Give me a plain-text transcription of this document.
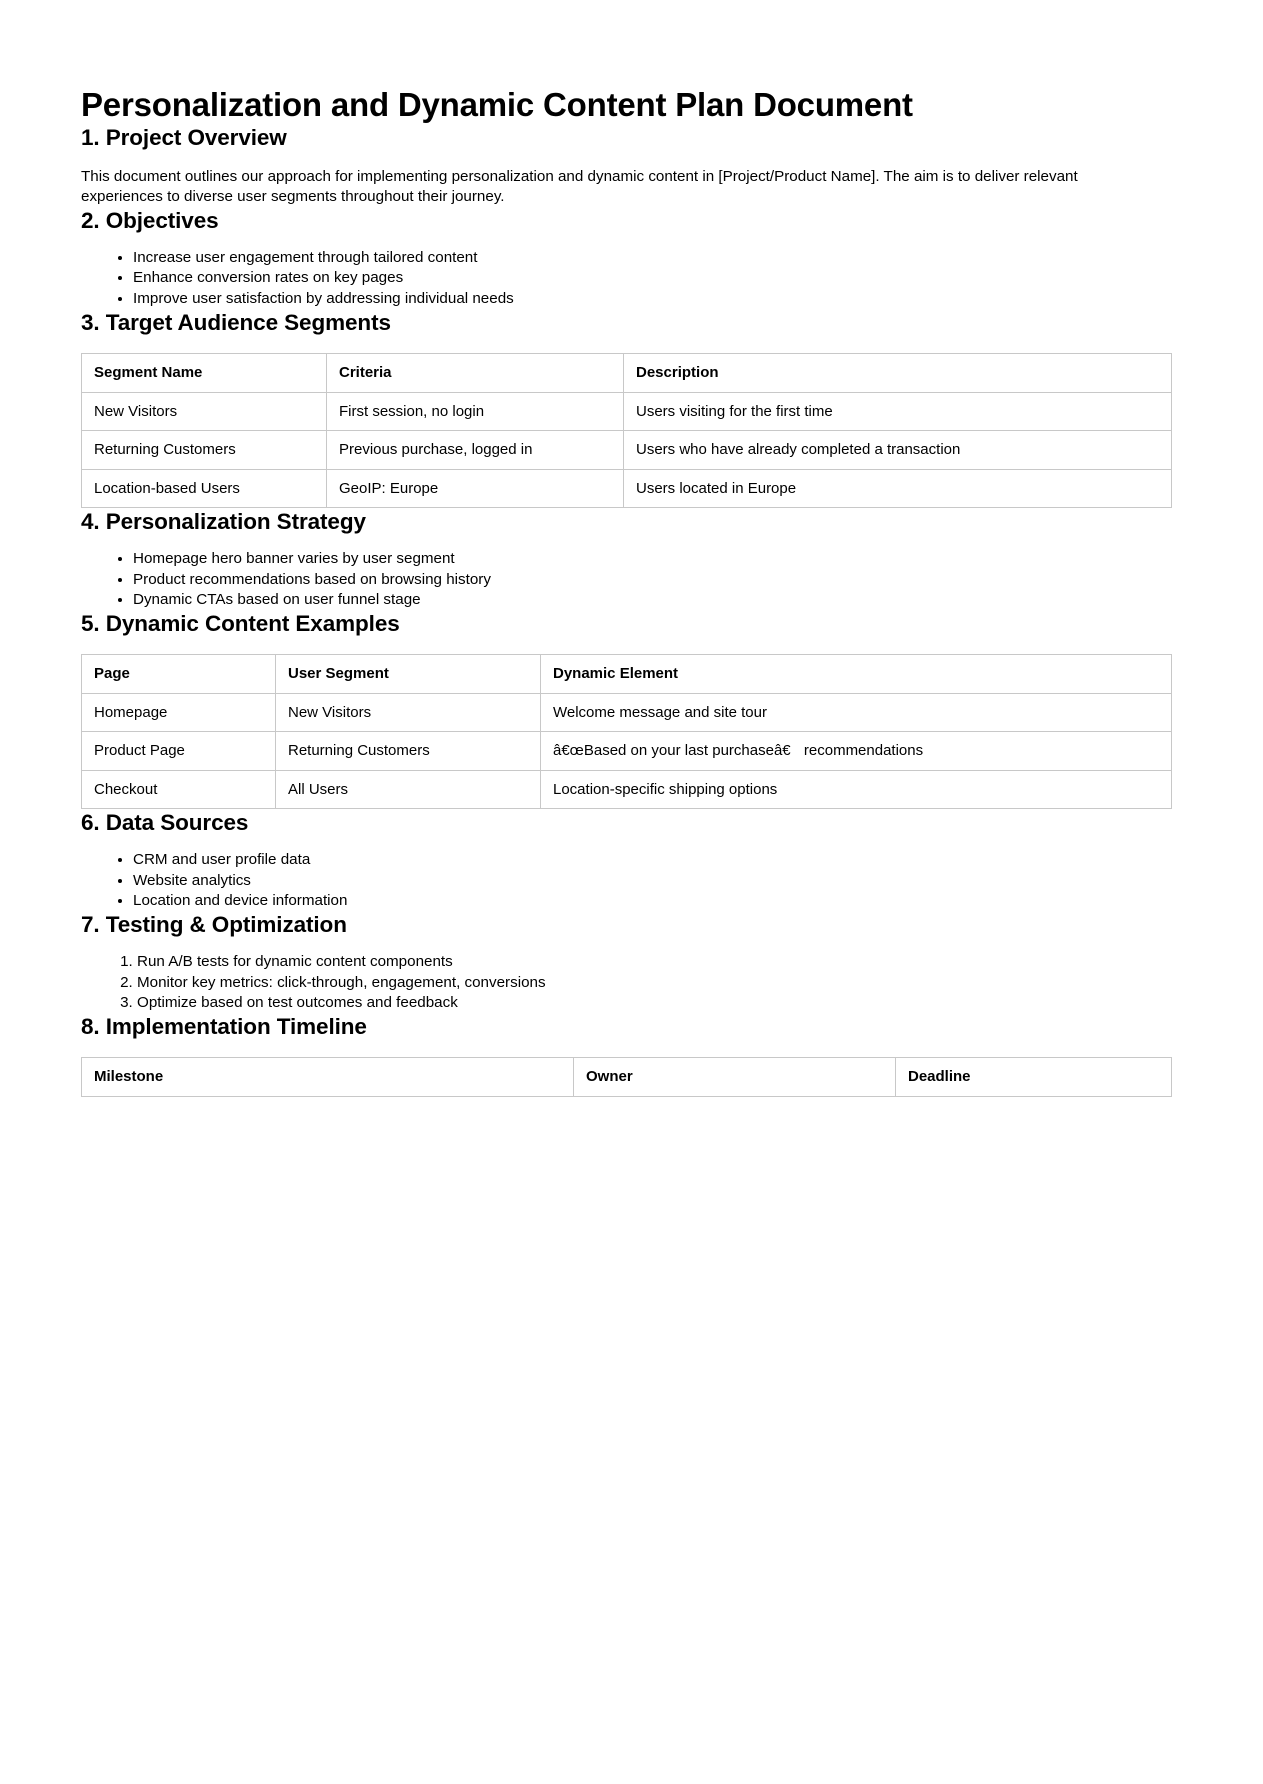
Personalization and Dynamic Content Plan Document
1. Project Overview

This document outlines our approach for implementing personalization and dynamic content in [Project/Product Name]. The aim is to deliver relevant experiences to diverse user segments throughout their journey.

2. Objectives
• Increase user engagement through tailored content
• Enhance conversion rates on key pages
• Improve user satisfaction by addressing individual needs
3. Target Audience Segments
Segment Name	Criteria	Description
New Visitors	First session, no login	Users visiting for the first time
Returning Customers	Previous purchase, logged in	Users who have already completed a transaction
Location-based Users	GeoIP: Europe	Users located in Europe
4. Personalization Strategy
• Homepage hero banner varies by user segment
• Product recommendations based on browsing history
• Dynamic CTAs based on user funnel stage
5. Dynamic Content Examples
Page	User Segment	Dynamic Element
Homepage	New Visitors	Welcome message and site tour
Product Page	Returning Customers	â€œBased on your last purchaseâ€ recommendations
Checkout	All Users	Location-specific shipping options
6. Data Sources
• CRM and user profile data
• Website analytics
• Location and device information
7. Testing & Optimization
1. Run A/B tests for dynamic content components
2. Monitor key metrics: click-through, engagement, conversions
3. Optimize based on test outcomes and feedback
8. Implementation Timeline
Milestone	Owner	Deadline
